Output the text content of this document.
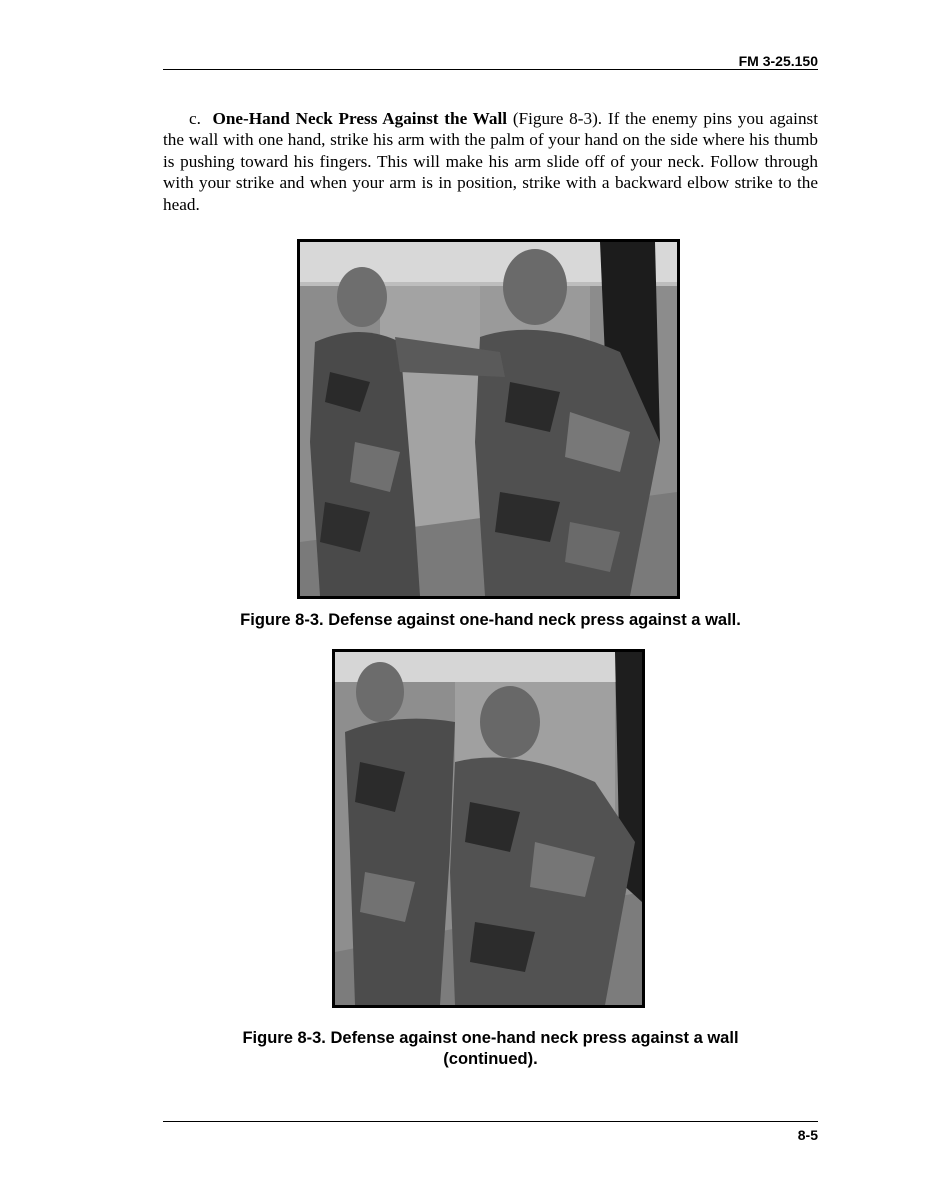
FM 3-25.150
c. One-Hand Neck Press Against the Wall (Figure 8-3). If the enemy pins you against the wall with one hand, strike his arm with the palm of your hand on the side where his thumb is pushing toward his fingers. This will make his arm slide off of your neck. Follow through with your strike and when your arm is in position, strike with a backward elbow strike to the head.
Figure 8-3. Defense against one-hand neck press against a wall.
Figure 8-3. Defense against one-hand neck press against a wall
(continued).
8-5
